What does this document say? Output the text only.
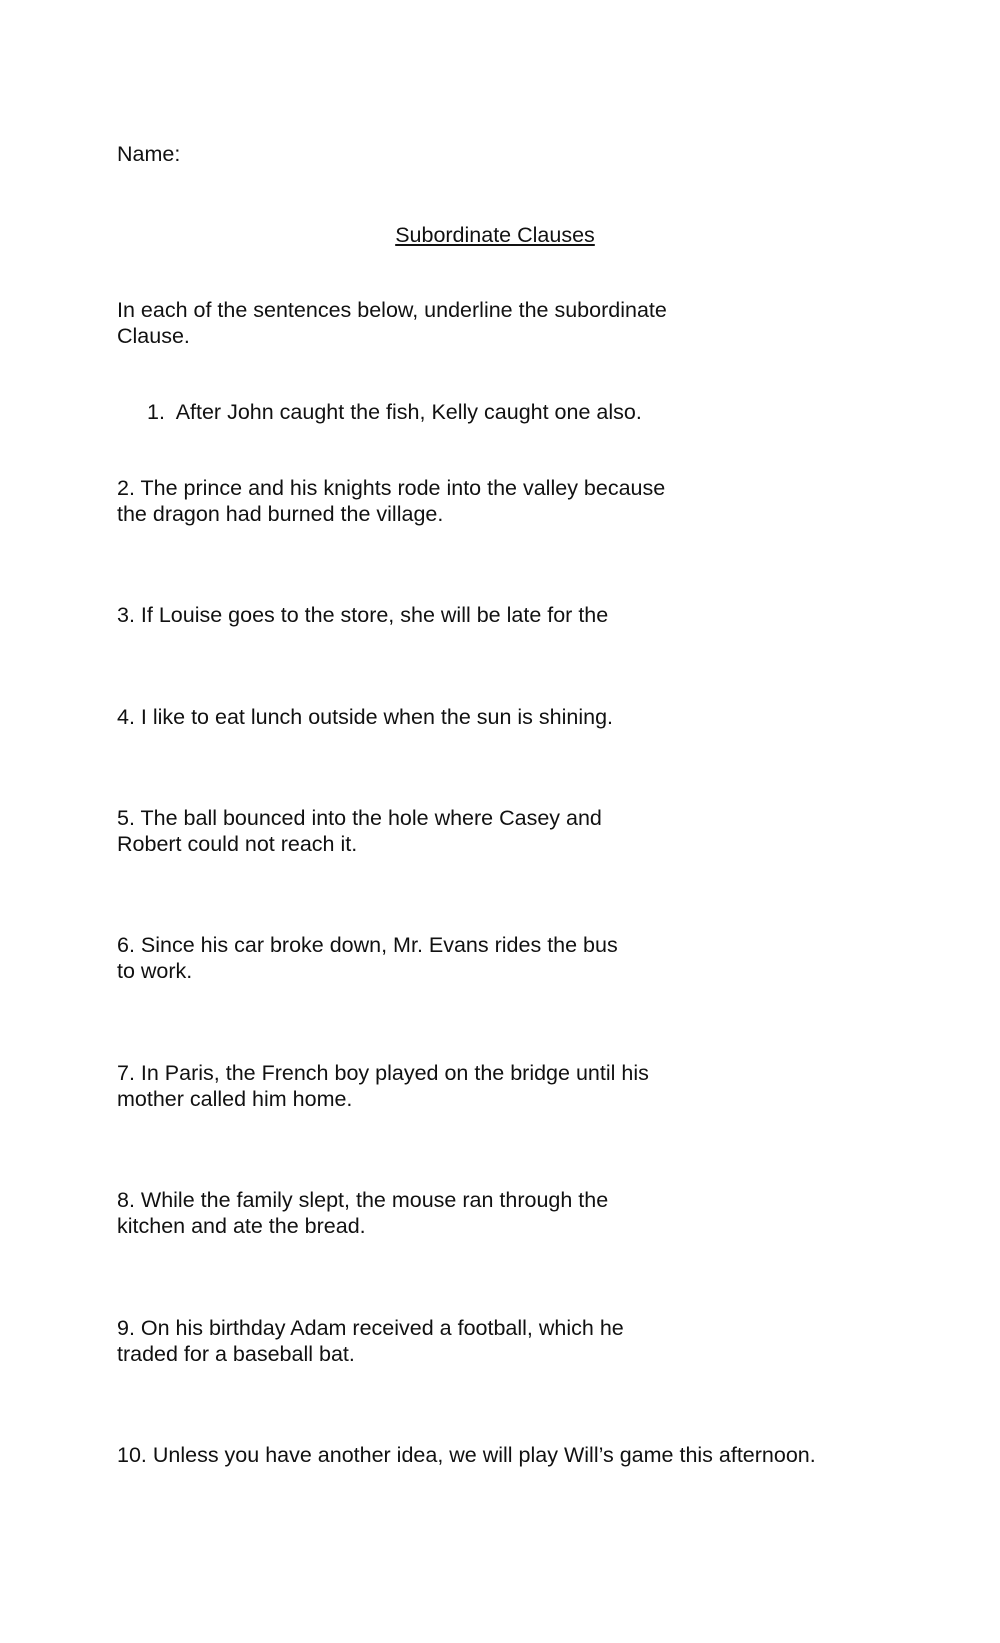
Name:

Subordinate Clauses

In each of the sentences below, underline the subordinate

Clause.

1.  After John caught the fish, Kelly caught one also.

2. The prince and his knights rode into the valley because

the dragon had burned the village.

3. If Louise goes to the store, she will be late for the

4. I like to eat lunch outside when the sun is shining.

5. The ball bounced into the hole where Casey and

Robert could not reach it.

6. Since his car broke down, Mr. Evans rides the bus

to work.

7. In Paris, the French boy played on the bridge until his

mother called him home.

8. While the family slept, the mouse ran through the

kitchen and ate the bread.

9. On his birthday Adam received a football, which he

traded for a baseball bat.

10. Unless you have another idea, we will play Will’s game this afternoon.
